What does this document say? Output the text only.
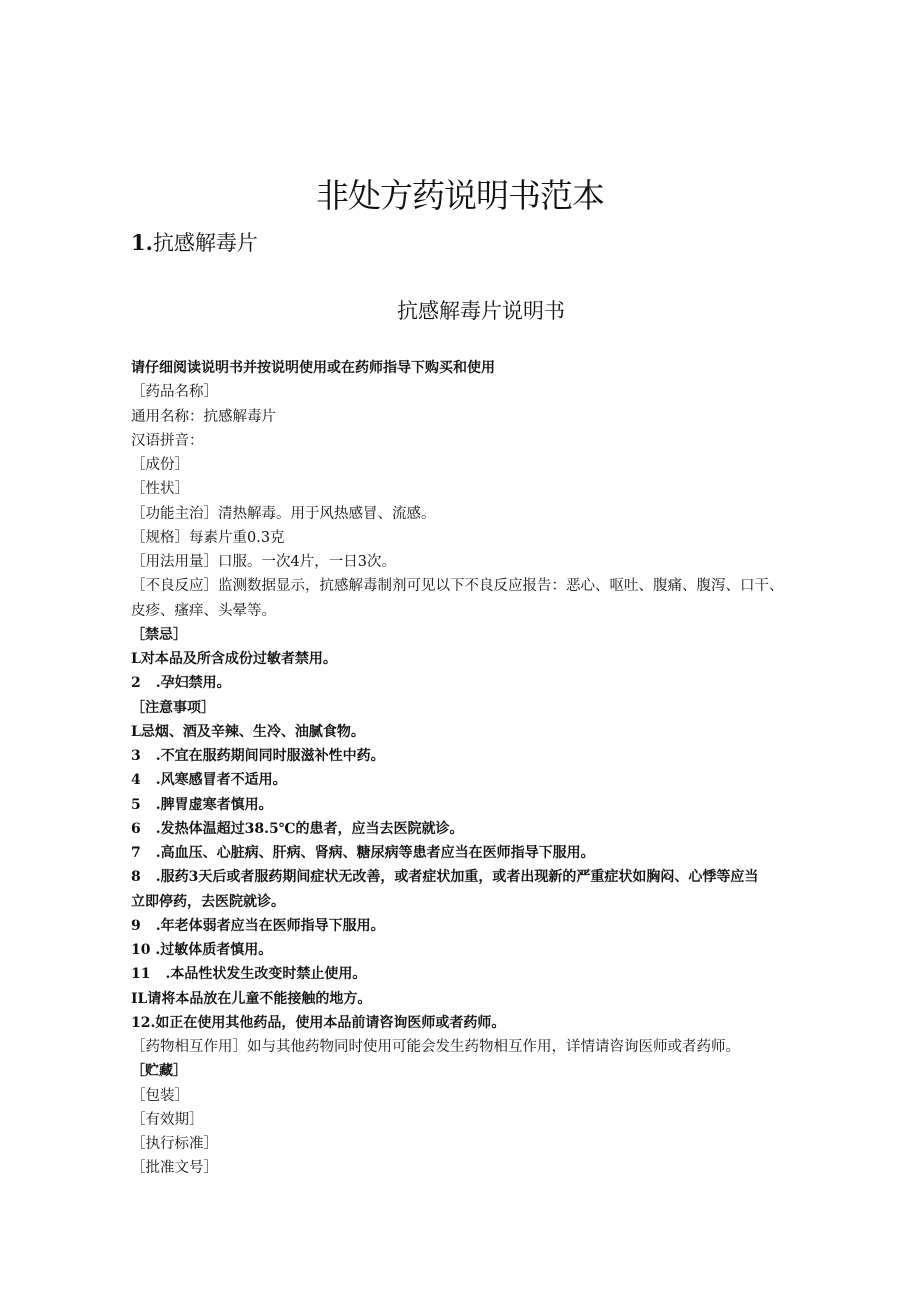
非处方药说明书范本
1.抗感解毒片
抗感解毒片说明书
请仔细阅读说明书并按说明使用或在药师指导下购买和使用
［药品名称］
通用名称：抗感解毒片
汉语拼音：
［成份］
［性状］
［功能主治］清热解毒。用于风热感冒、流感。
［规格］每素片重0.3克
［用法用量］口服。一次4片，一日3次。
［不良反应］监测数据显示，抗感解毒制剂可见以下不良反应报告：恶心、呕吐、腹痛、腹泻、口干、
皮疹、瘙痒、头晕等。
［禁忌］
L对本品及所含成份过敏者禁用。
2 .孕妇禁用。
［注意事项］
L忌烟、酒及辛辣、生冷、油腻食物。
3 .不宜在服药期间同时服滋补性中药。
4 .风寒感冒者不适用。
5 .脾胃虚寒者慎用。
6 .发热体温超过38.5℃的患者，应当去医院就诊。
7 .高血压、心脏病、肝病、肾病、糖尿病等患者应当在医师指导下服用。
8 .服药3天后或者服药期间症状无改善，或者症状加重，或者出现新的严重症状如胸闷、心悸等应当
立即停药，去医院就诊。
9 .年老体弱者应当在医师指导下服用。
10 .过敏体质者慎用。
11 .本品性状发生改变时禁止使用。
IL请将本品放在儿童不能接触的地方。
12.如正在使用其他药品，使用本品前请咨询医师或者药师。
［药物相互作用］如与其他药物同时使用可能会发生药物相互作用，详情请咨询医师或者药师。
［贮藏］
［包装］
［有效期］
［执行标准］
［批准文号］
